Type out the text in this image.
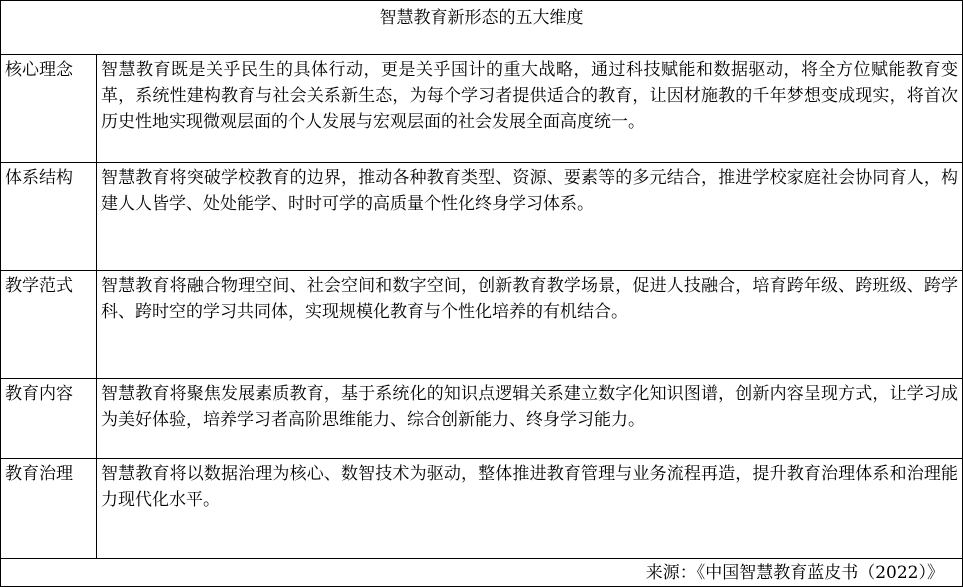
智慧教育新形态的五大维度	
核心理念	智慧教育既是关乎民生的具体行动，更是关乎国计的重大战略，通过科技赋能和数据驱动，将全方位赋能教育变革，系统性建构教育与社会关系新生态，为每个学习者提供适合的教育，让因材施教的千年梦想变成现实，将首次历史性地实现微观层面的个人发展与宏观层面的社会发展全面高度统一。
体系结构	智慧教育将突破学校教育的边界，推动各种教育类型、资源、要素等的多元结合，推进学校家庭社会协同育人，构建人人皆学、处处能学、时时可学的高质量个性化终身学习体系。
教学范式	智慧教育将融合物理空间、社会空间和数字空间，创新教育教学场景，促进人技融合，培育跨年级、跨班级、跨学科、跨时空的学习共同体，实现规模化教育与个性化培养的有机结合。
教育内容	智慧教育将聚焦发展素质教育，基于系统化的知识点逻辑关系建立数字化知识图谱，创新内容呈现方式，让学习成为美好体验，培养学习者高阶思维能力、综合创新能力、终身学习能力。
教育治理	智慧教育将以数据治理为核心、数智技术为驱动，整体推进教育管理与业务流程再造，提升教育治理体系和治理能力现代化水平。
来源：《中国智慧教育蓝皮书（2022）》	
